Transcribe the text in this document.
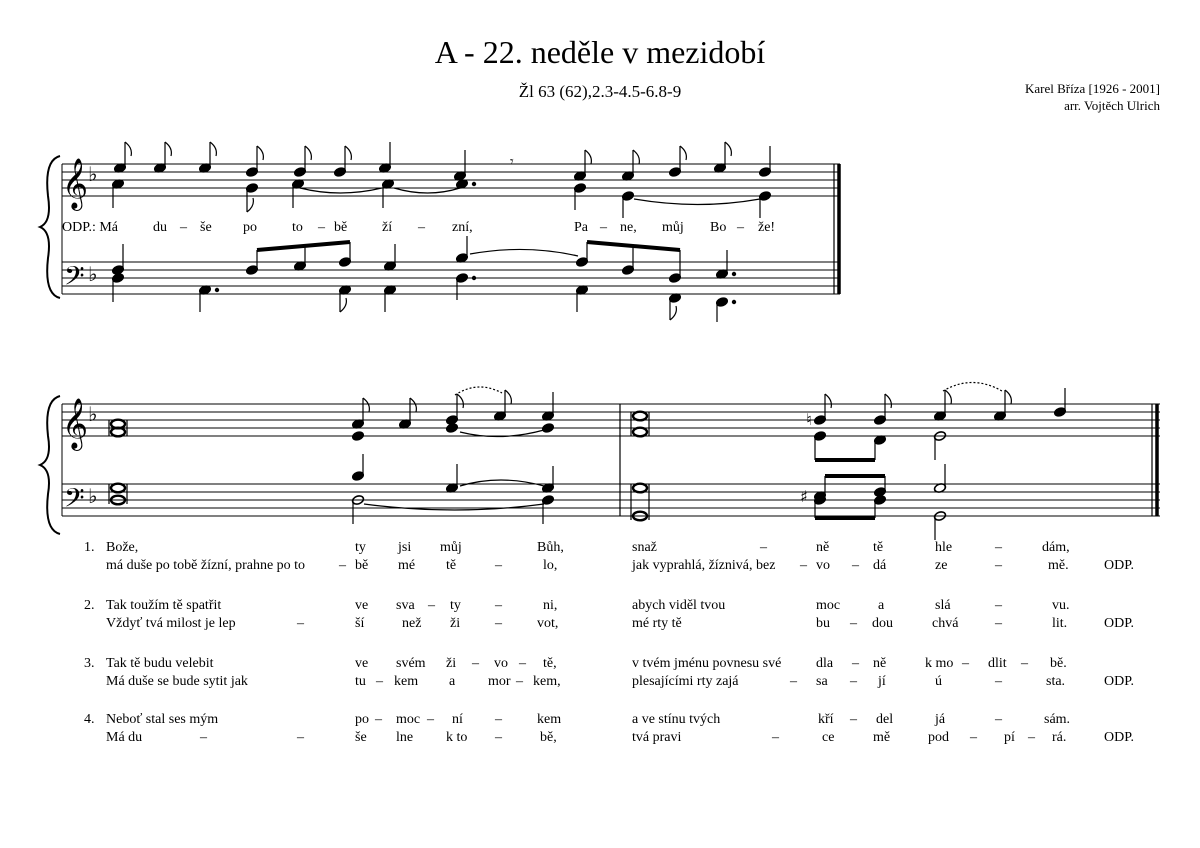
A - 22. neděle v mezidobí
Žl 63 (62),2.3-4.5-6.8-9	Karel Bříza [1926 - 2001]
arr. Vojtěch Ulrich
𝄞
𝄢
♭
♭
𝄾
𝄞
𝄢
♭
♭
♮
♯
ODP.: Má du – še po	to – bě ží – zní,	Pa – ne, můj Bo – že!
1. Bože,	ty jsi můj	Bůh,	snaž	–	ně	tě	hle	–	dám,
má duše po tobě žízní, prahne po to – bě mé tě	–	lo,	jak vyprahlá, žíznivá, bez – vo – dá	ze	–	mě.	ODP.
2. Tak toužím tě spatřit	ve sva – ty –	ni,	abych viděl tvou	moc	a	slá	–	vu.
Vždyť tvá milost je lep	–	ší	než ži –	vot,	mé rty tě	bu – dou	chvá	–	lit.	ODP.
3. Tak tě budu velebit	ve svém ži – vo – tě,	v tvém jménu povnesu své dla – ně	k mo – dlit – bě.
Má duše se bude sytit jak	tu – kem a mor – kem,	plesajícími rty zajá	– sa – jí	ú	–	sta.	ODP.
4. Neboť stal ses mým	po – moc – ní –	kem	a ve stínu tvých	kří – del	já	–	sám.
Má du	–	–	še lne k to –	bě,	tvá pravi	–	ce	mě	pod – pí – rá.	ODP.
